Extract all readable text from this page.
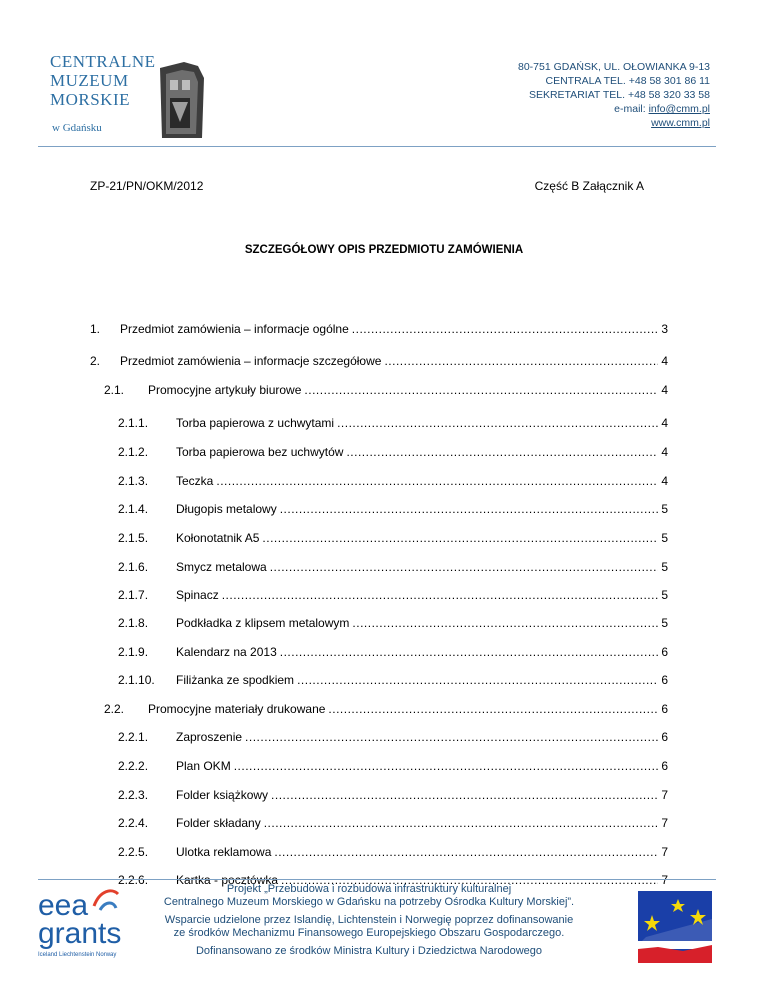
CENTRALNE
MUZEUM
MORSKIE
w Gdańsku
80-751 GDAŃSK, UL. OŁOWIANKA 9-13
CENTRALA TEL. +48 58 301 86 11
SEKRETARIAT TEL. +48 58 320 33 58
e-mail: info@cmm.pl
www.cmm.pl
ZP-21/PN/OKM/2012	Część B Załącznik A
SZCZEGÓŁOWY OPIS PRZEDMIOTU ZAMÓWIENIA
1.	Przedmiot zamówienia – informacje ogólne .....	3
2.	Przedmiot zamówienia – informacje szczegółowe .....	4
2.1.	Promocyjne artykuły biurowe .....	4
2.1.1.	Torba papierowa z uchwytami .....	4
2.1.2.	Torba papierowa bez uchwytów .....	4
2.1.3.	Teczka .....	4
2.1.4.	Długopis metalowy .....	5
2.1.5.	Kołonotatnik A5 .....	5
2.1.6.	Smycz metalowa .....	5
2.1.7.	Spinacz .....	5
2.1.8.	Podkładka z klipsem metalowym .....	5
2.1.9.	Kalendarz na 2013 .....	6
2.1.10.	Filiżanka ze spodkiem .....	6
2.2.	Promocyjne materiały drukowane .....	6
2.2.1.	Zaproszenie .....	6
2.2.2.	Plan OKM .....	6
2.2.3.	Folder książkowy .....	7
2.2.4.	Folder składany .....	7
2.2.5.	Ulotka reklamowa .....	7
2.2.6.	Kartka - pocztówka .....	7
eea
grants
Iceland Liechtenstein Norway

Projekt „Przebudowa i rozbudowa infrastruktury kulturalnej
Centralnego Muzeum Morskiego w Gdańsku na potrzeby Ośrodka Kultury Morskiej”.

Wsparcie udzielone przez Islandię, Lichtenstein i Norwegię poprzez dofinansowanie
ze środków Mechanizmu Finansowego Europejskiego Obszaru Gospodarczego.

Dofinansowano ze środków Ministra Kultury i Dziedzictwa Narodowego
